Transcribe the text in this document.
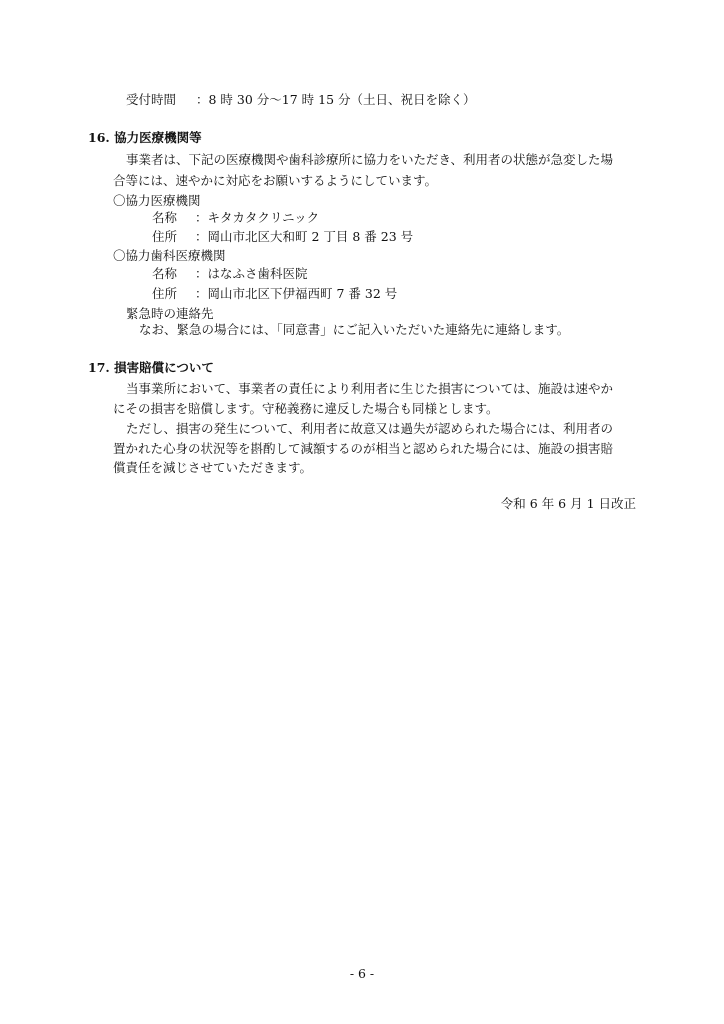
受付時間 ：8 時 30 分～17 時 15 分（土日、祝日を除く）

16. 協力医療機関等

事業者は、下記の医療機関や歯科診療所に協力をいただき、利用者の状態が急変した場

合等には、速やかに対応をお願いするようにしています。

〇協力医療機関

名称 ：キタカタクリニック

住所 ：岡山市北区大和町 2 丁目 8 番 23 号

〇協力歯科医療機関

名称 ：はなふさ歯科医院

住所 ：岡山市北区下伊福西町 7 番 32 号

緊急時の連絡先

なお、緊急の場合には、「同意書」にご記入いただいた連絡先に連絡します。

17. 損害賠償について

当事業所において、事業者の責任により利用者に生じた損害については、施設は速やか

にその損害を賠償します。守秘義務に違反した場合も同様とします。

ただし、損害の発生について、利用者に故意又は過失が認められた場合には、利用者の

置かれた心身の状況等を斟酌して減額するのが相当と認められた場合には、施設の損害賠

償責任を減じさせていただきます。

令和 6 年 6 月 1 日改正

- 6 -
